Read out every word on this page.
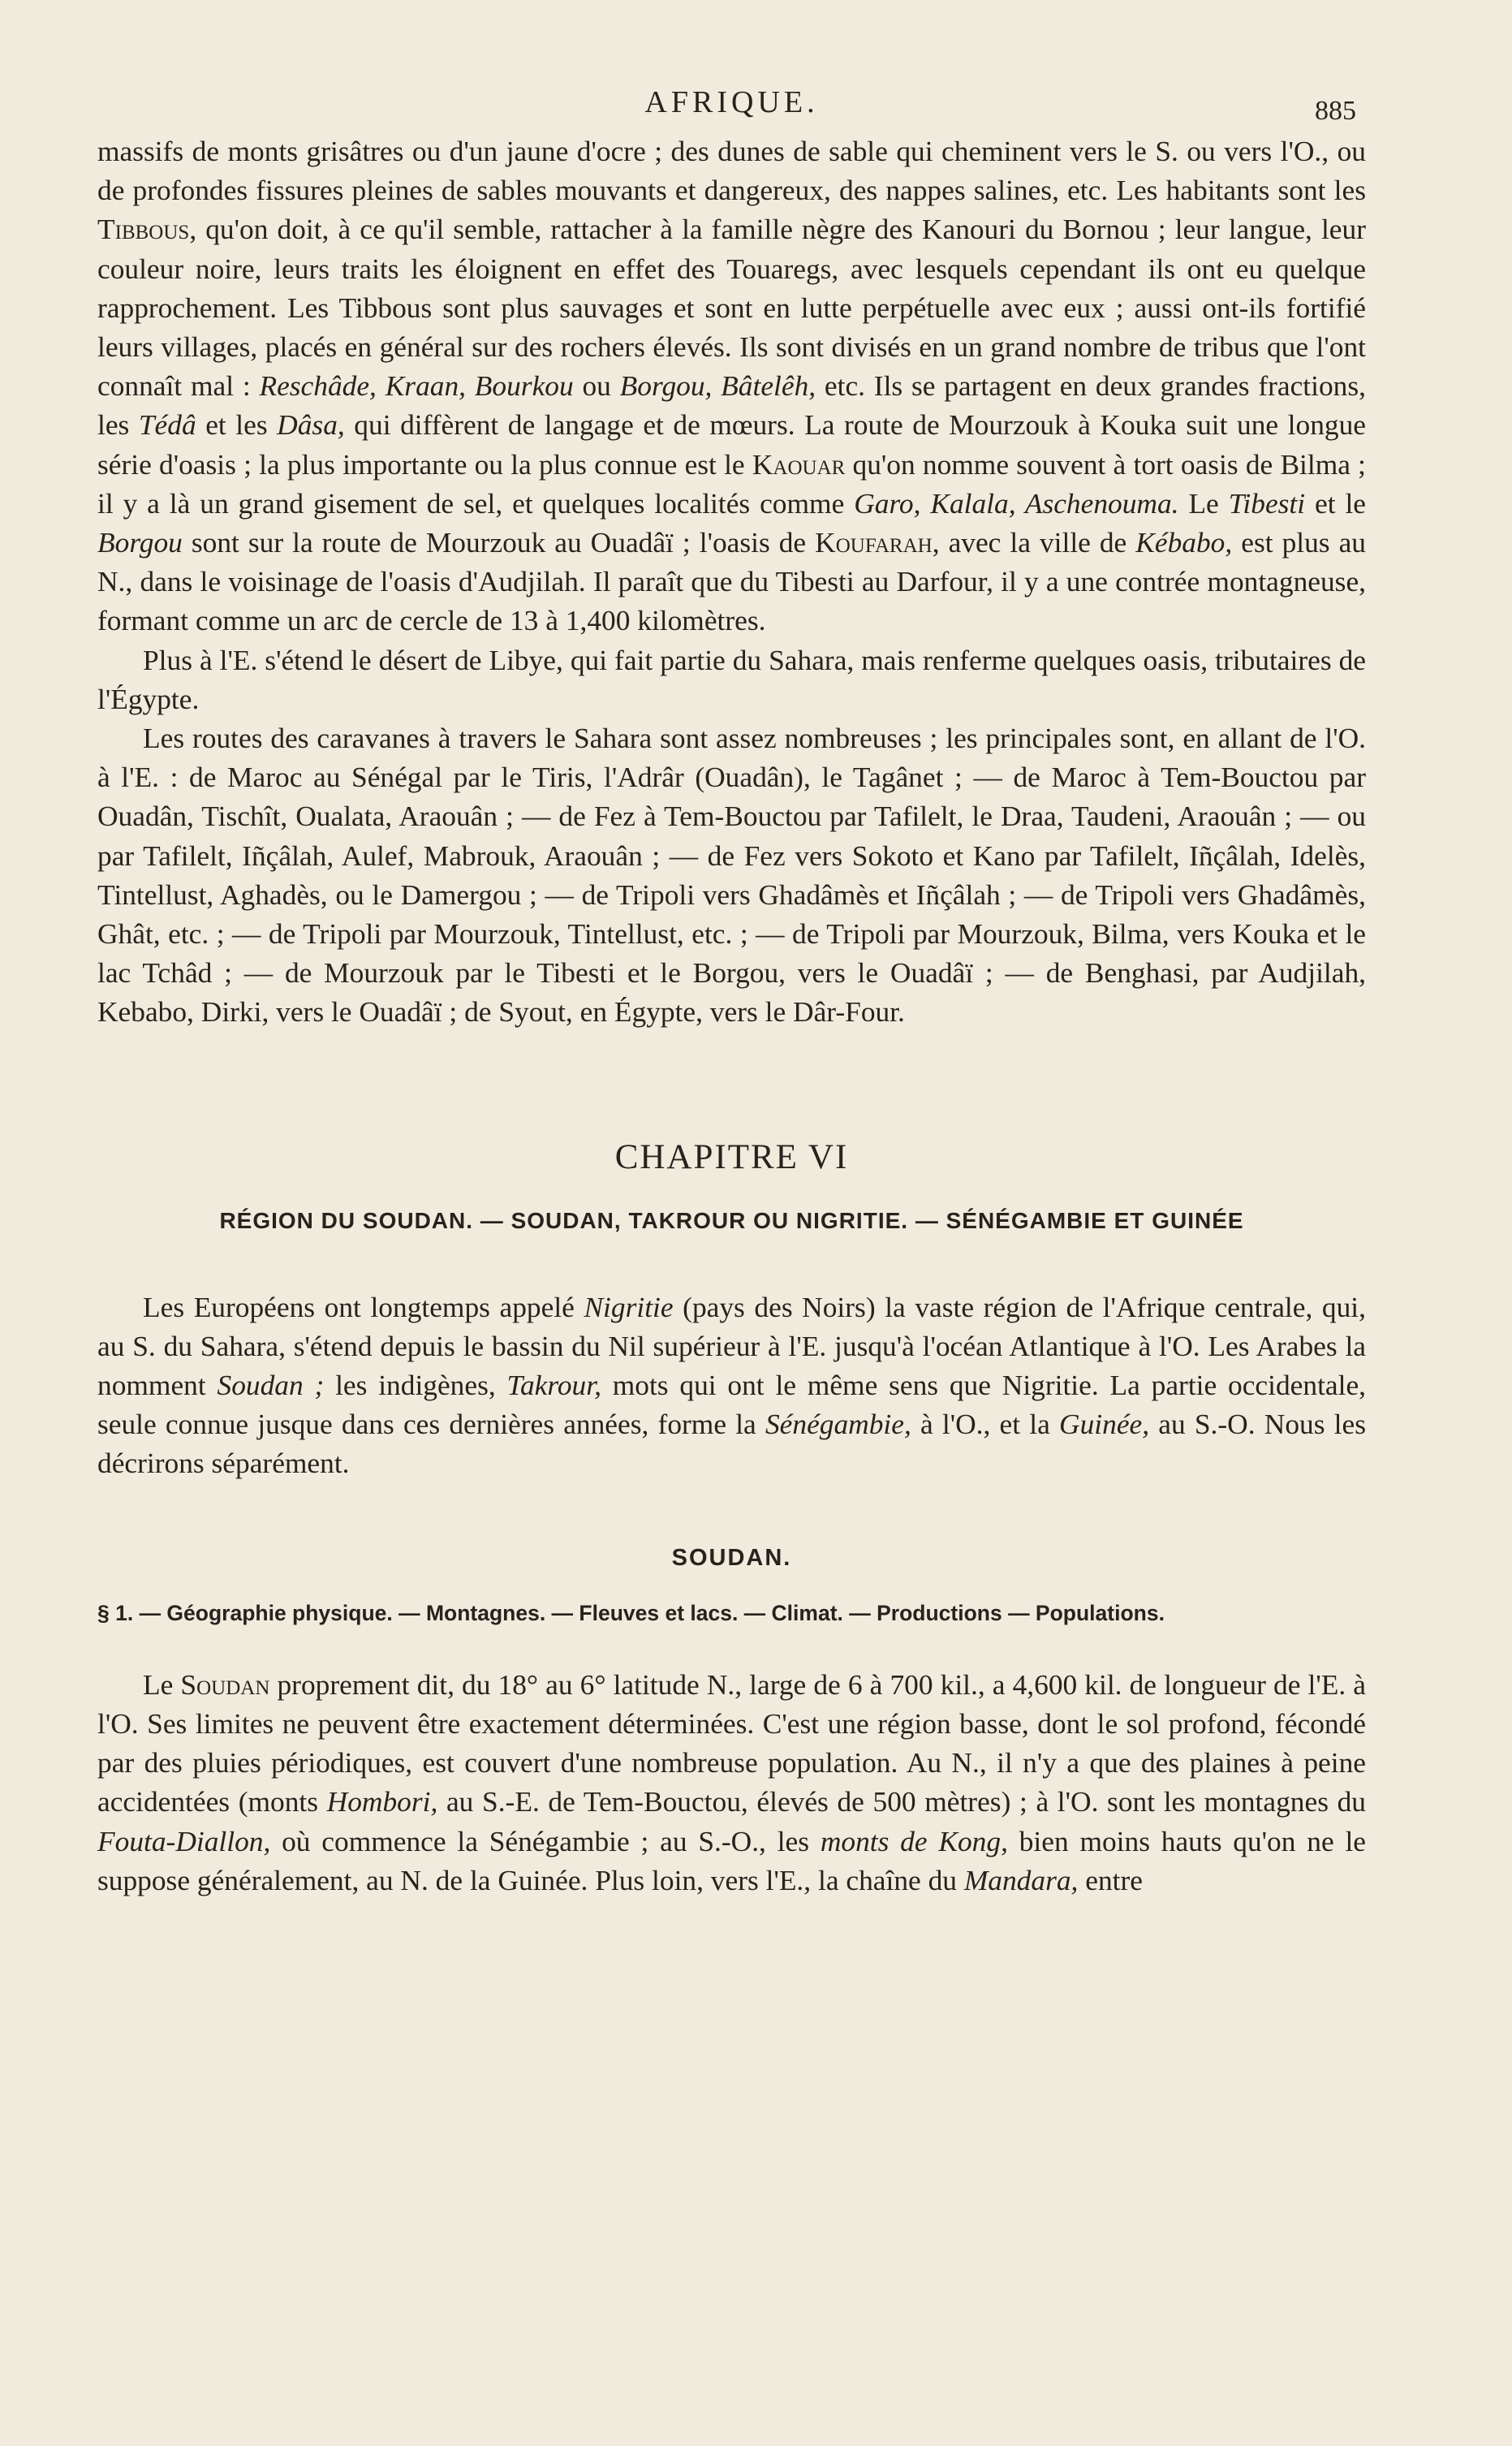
AFRIQUE.	885

massifs de monts grisâtres ou d'un jaune d'ocre ; des dunes de sable qui cheminent vers le S. ou vers l'O., ou de profondes fissures pleines de sables mouvants et dangereux, des nappes salines, etc. Les habitants sont les Tibbous, qu'on doit, à ce qu'il semble, rattacher à la famille nègre des Kanouri du Bornou ; leur langue, leur couleur noire, leurs traits les éloignent en effet des Touaregs, avec lesquels cependant ils ont eu quelque rapprochement. Les Tibbous sont plus sauvages et sont en lutte perpétuelle avec eux ; aussi ont-ils fortifié leurs villages, placés en général sur des rochers élevés. Ils sont divisés en un grand nombre de tribus que l'ont connaît mal : Reschâde, Kraan, Bourkou ou Borgou, Bâtelêh, etc. Ils se partagent en deux grandes fractions, les Tédâ et les Dâsa, qui diffèrent de langage et de mœurs. La route de Mourzouk à Kouka suit une longue série d'oasis ; la plus importante ou la plus connue est le Kaouar qu'on nomme souvent à tort oasis de Bilma ; il y a là un grand gisement de sel, et quelques localités comme Garo, Kalala, Aschenouma. Le Tibesti et le Borgou sont sur la route de Mourzouk au Ouadâï ; l'oasis de Koufarah, avec la ville de Kébabo, est plus au N., dans le voisinage de l'oasis d'Audjilah. Il paraît que du Tibesti au Darfour, il y a une contrée montagneuse, formant comme un arc de cercle de 13 à 1,400 kilomètres.

Plus à l'E. s'étend le désert de Libye, qui fait partie du Sahara, mais renferme quelques oasis, tributaires de l'Égypte.

Les routes des caravanes à travers le Sahara sont assez nombreuses ; les principales sont, en allant de l'O. à l'E. : de Maroc au Sénégal par le Tiris, l'Adrâr (Ouadân), le Tagânet ; — de Maroc à Tem-Bouctou par Ouadân, Tischît, Oualata, Araouân ; — de Fez à Tem-Bouctou par Tafilelt, le Draa, Taudeni, Araouân ; — ou par Tafilelt, Iñçâlah, Aulef, Mabrouk, Araouân ; — de Fez vers Sokoto et Kano par Tafilelt, Iñçâlah, Idelès, Tintellust, Aghadès, ou le Damergou ; — de Tripoli vers Ghadâmès et Iñçâlah ; — de Tripoli vers Ghadâmès, Ghât, etc. ; — de Tripoli par Mourzouk, Tintellust, etc. ; — de Tripoli par Mourzouk, Bilma, vers Kouka et le lac Tchâd ; — de Mourzouk par le Tibesti et le Borgou, vers le Ouadâï ; — de Benghasi, par Audjilah, Kebabo, Dirki, vers le Ouadâï ; de Syout, en Égypte, vers le Dâr-Four.

CHAPITRE VI
RÉGION DU SOUDAN. — SOUDAN, TAKROUR OU NIGRITIE. — SÉNÉGAMBIE ET GUINÉE

Les Européens ont longtemps appelé Nigritie (pays des Noirs) la vaste région de l'Afrique centrale, qui, au S. du Sahara, s'étend depuis le bassin du Nil supérieur à l'E. jusqu'à l'océan Atlantique à l'O. Les Arabes la nomment Soudan ; les indigènes, Takrour, mots qui ont le même sens que Nigritie. La partie occidentale, seule connue jusque dans ces dernières années, forme la Sénégambie, à l'O., et la Guinée, au S.-O. Nous les décrirons séparément.

SOUDAN.
§ 1. — Géographie physique. — Montagnes. — Fleuves et lacs. — Climat. — Productions — Populations.

Le Soudan proprement dit, du 18° au 6° latitude N., large de 6 à 700 kil., a 4,600 kil. de longueur de l'E. à l'O. Ses limites ne peuvent être exactement déterminées. C'est une région basse, dont le sol profond, fécondé par des pluies périodiques, est couvert d'une nombreuse population. Au N., il n'y a que des plaines à peine accidentées (monts Hombori, au S.-E. de Tem-Bouctou, élevés de 500 mètres) ; à l'O. sont les montagnes du Fouta-Diallon, où commence la Sénégambie ; au S.-O., les monts de Kong, bien moins hauts qu'on ne le suppose généralement, au N. de la Guinée. Plus loin, vers l'E., la chaîne du Mandara, entre
